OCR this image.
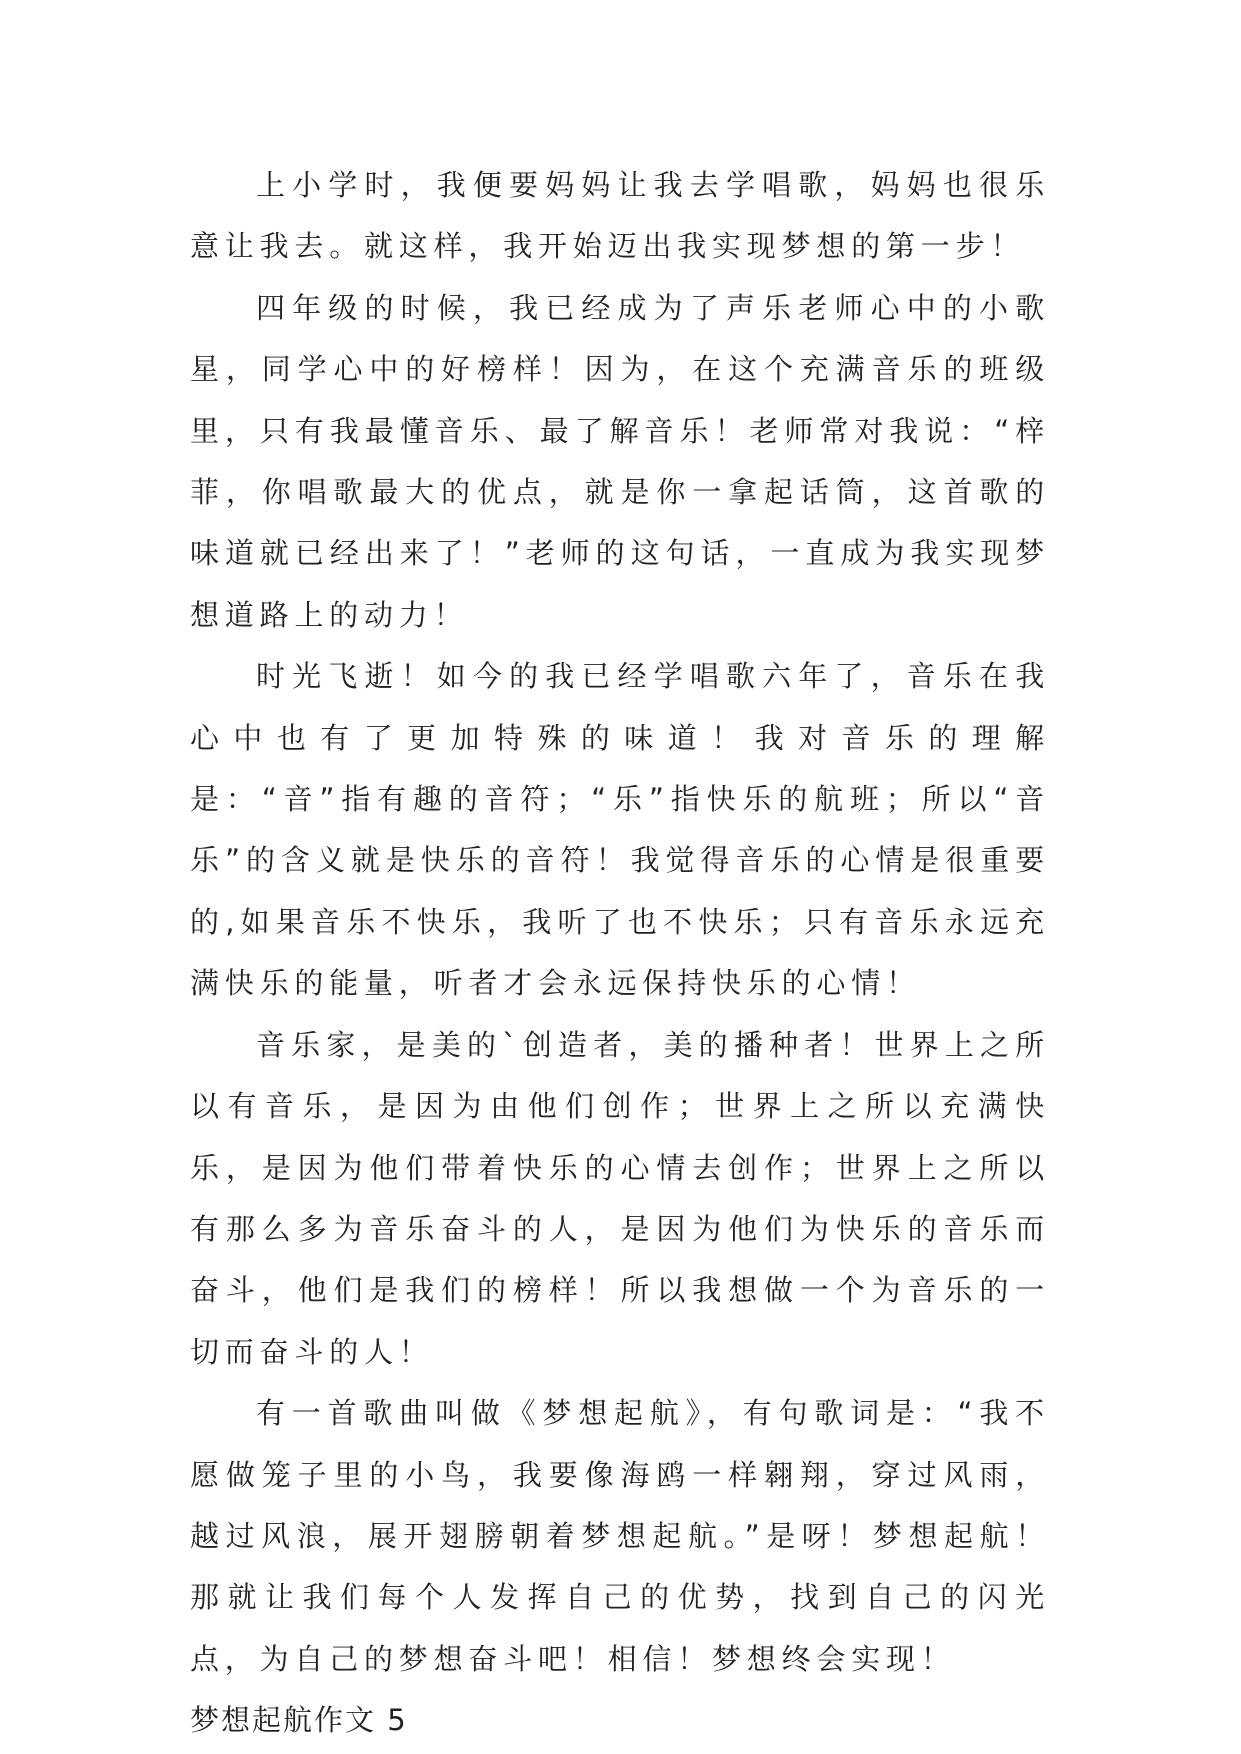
上小学时，我便要妈妈让我去学唱歌，妈妈也很乐意让我去。就这样，我开始迈出我实现梦想的第一步！

四年级的时候，我已经成为了声乐老师心中的小歌星，同学心中的好榜样！因为，在这个充满音乐的班级里，只有我最懂音乐、最了解音乐！老师常对我说：“梓菲，你唱歌最大的优点，就是你一拿起话筒，这首歌的味道就已经出来了！”老师的这句话，一直成为我实现梦想道路上的动力！

时光飞逝！如今的我已经学唱歌六年了，音乐在我心中也有了更加特殊的味道！我对音乐的理解是：“音”指有趣的音符；“乐”指快乐的航班；所以“音乐”的含义就是快乐的音符！我觉得音乐的心情是很重要的,如果音乐不快乐，我听了也不快乐；只有音乐永远充满快乐的能量，听者才会永远保持快乐的心情！

音乐家，是美的`创造者，美的播种者！世界上之所以有音乐，是因为由他们创作；世界上之所以充满快乐，是因为他们带着快乐的心情去创作；世界上之所以有那么多为音乐奋斗的人，是因为他们为快乐的音乐而奋斗，他们是我们的榜样！所以我想做一个为音乐的一切而奋斗的人！

有一首歌曲叫做《梦想起航》，有句歌词是：“我不愿做笼子里的小鸟，我要像海鸥一样翱翔，穿过风雨，越过风浪，展开翅膀朝着梦想起航。”是呀！梦想起航！那就让我们每个人发挥自己的优势，找到自己的闪光点，为自己的梦想奋斗吧！相信！梦想终会实现！

梦想起航作文 5
